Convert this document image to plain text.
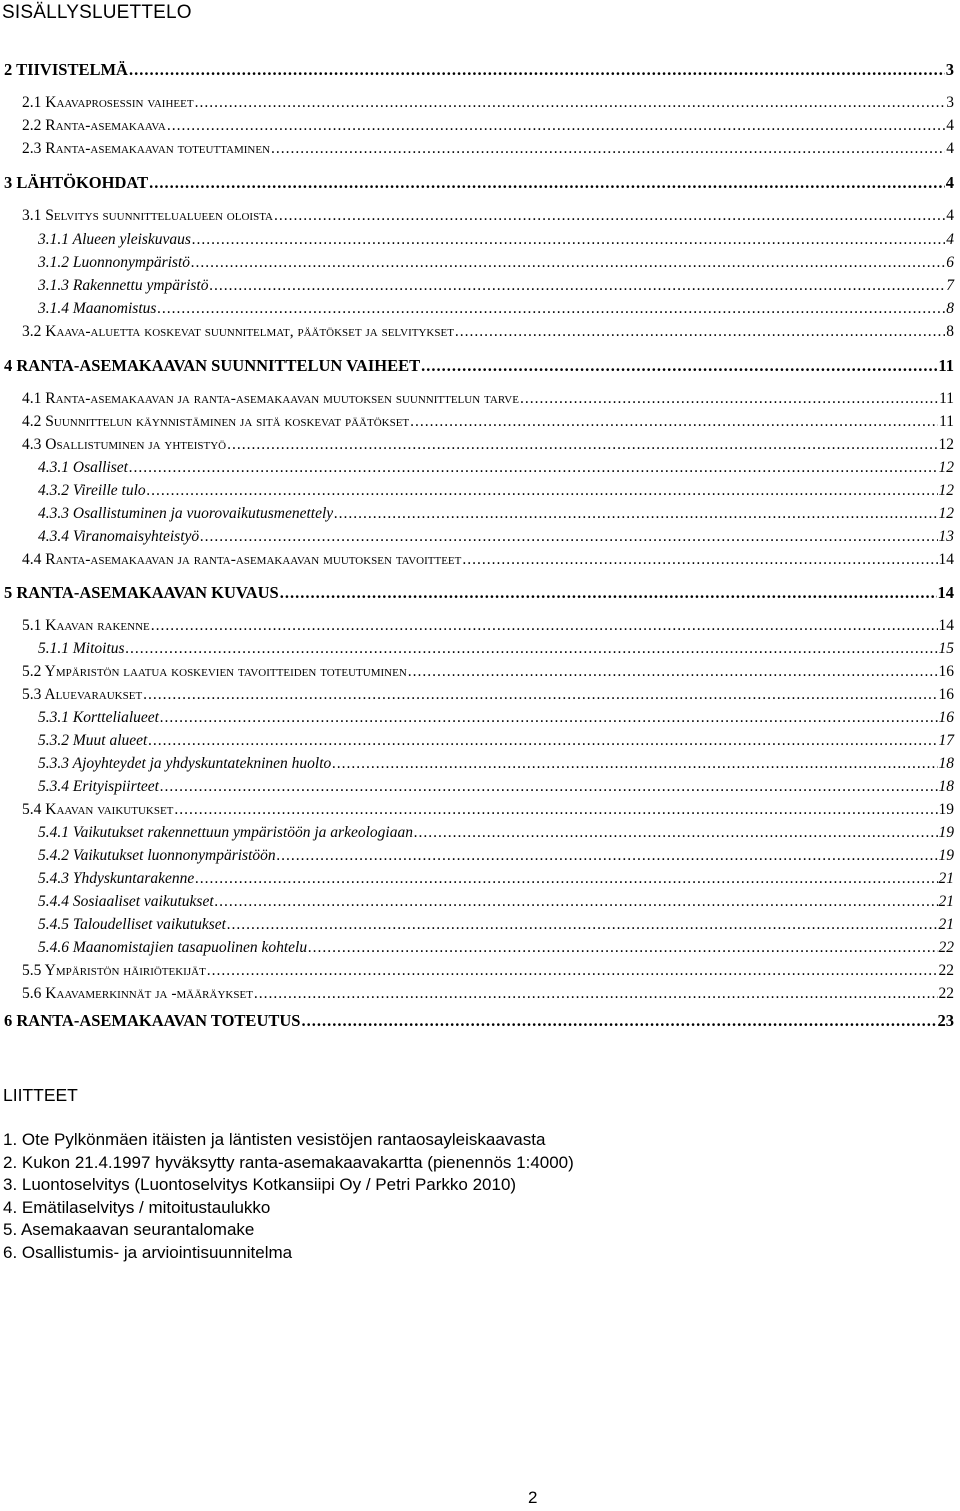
SISÄLLYSLUETTELO
2 TIIVISTELMÄ .....	3
2.1 Kaavaprosessin vaiheet .....	3
2.2 Ranta-asemakaava .....	4
2.3 Ranta-asemakaavan toteuttaminen .....	4
3 LÄHTÖKOHDAT .....	4
3.1 Selvitys suunnittelualueen oloista .....	4
3.1.1 Alueen yleiskuvaus .....	4
3.1.2 Luonnonympäristö .....	6
3.1.3 Rakennettu ympäristö .....	7
3.1.4 Maanomistus .....	8
3.2 Kaava-aluetta koskevat suunnitelmat, päätökset ja selvitykset .....	8
4 RANTA-ASEMAKAAVAN SUUNNITTELUN VAIHEET .....	11
4.1 Ranta-asemakaavan ja ranta-asemakaavan muutoksen suunnittelun tarve .....	11
4.2 Suunnittelun käynnistäminen ja sitä koskevat päätökset .....	11
4.3 Osallistuminen ja yhteistyö .....	12
4.3.1 Osalliset .....	12
4.3.2 Vireille tulo .....	12
4.3.3 Osallistuminen ja vuorovaikutusmenettely .....	12
4.3.4 Viranomaisyhteistyö .....	13
4.4 Ranta-asemakaavan ja ranta-asemakaavan muutoksen tavoitteet .....	14
5 RANTA-ASEMAKAAVAN KUVAUS .....	14
5.1 Kaavan rakenne .....	14
5.1.1 Mitoitus .....	15
5.2 Ympäristön laatua koskevien tavoitteiden toteutuminen .....	16
5.3 Aluevaraukset .....	16
5.3.1 Korttelialueet .....	16
5.3.2 Muut alueet .....	17
5.3.3 Ajoyhteydet ja yhdyskuntatekninen huolto .....	18
5.3.4 Erityispiirteet .....	18
5.4 Kaavan vaikutukset .....	19
5.4.1 Vaikutukset rakennettuun ympäristöön ja arkeologiaan .....	19
5.4.2 Vaikutukset luonnonympäristöön .....	19
5.4.3 Yhdyskuntarakenne .....	21
5.4.4 Sosiaaliset vaikutukset .....	21
5.4.5 Taloudelliset vaikutukset .....	21
5.4.6 Maanomistajien tasapuolinen kohtelu .....	22
5.5 Ympäristön häiriötekijät .....	22
5.6 Kaavamerkinnät ja -määräykset .....	22
6 RANTA-ASEMAKAAVAN TOTEUTUS .....	23
LIITTEET
1. Ote Pylkönmäen itäisten ja läntisten vesistöjen rantaosayleiskaavasta
2. Kukon 21.4.1997 hyväksytty ranta-asemakaavakartta (pienennös 1:4000)
3. Luontoselvitys (Luontoselvitys Kotkansiipi Oy / Petri Parkko 2010)
4. Emätilaselvitys / mitoitustaulukko
5. Asemakaavan seurantalomake
6. Osallistumis- ja arviointisuunnitelma
2
